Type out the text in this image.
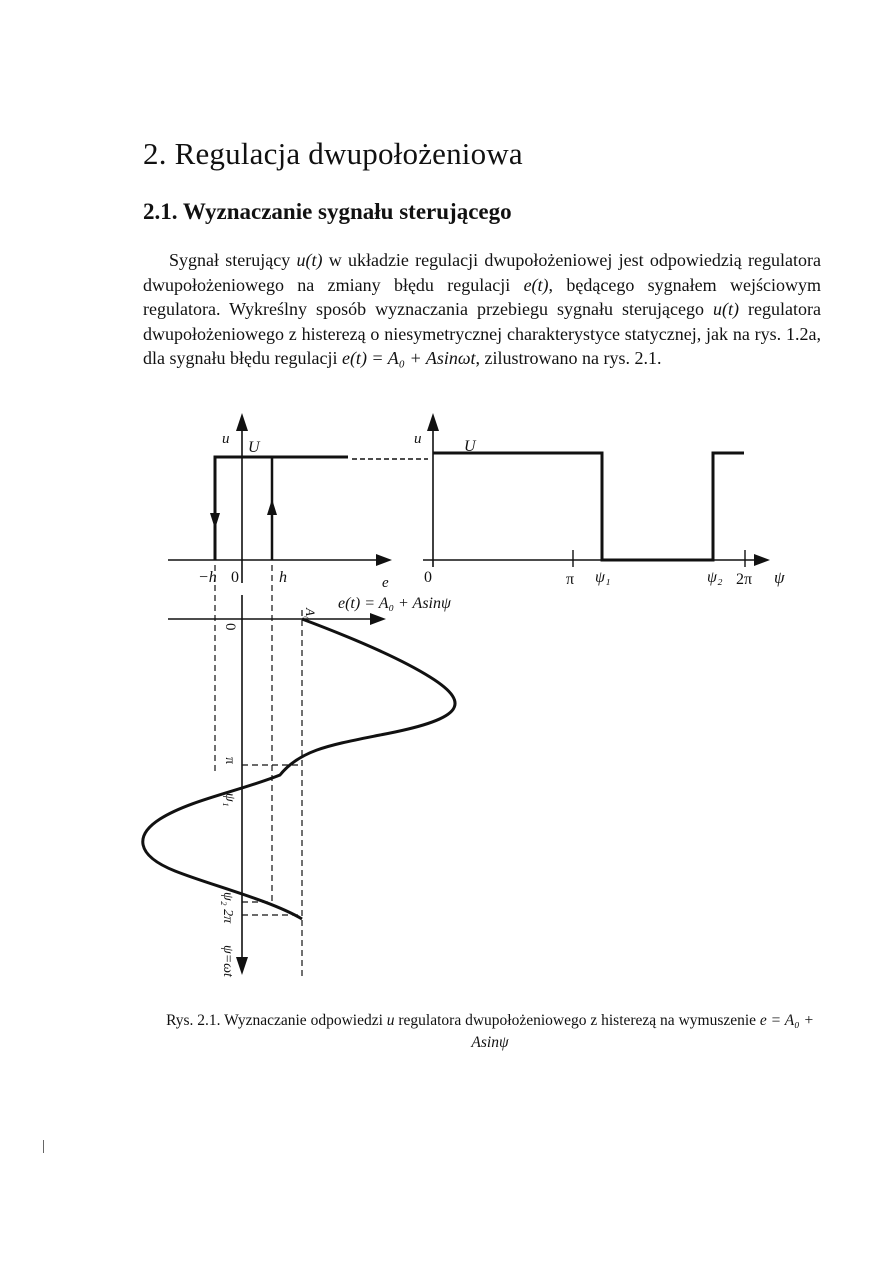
2. Regulacja dwupołożeniowa
2.1. Wyznaczanie sygnału sterującego

Sygnał sterujący u(t) w układzie regulacji dwupołożeniowej jest odpowiedzią regulatora dwupołożeniowego na zmiany błędu regulacji e(t), będącego sygnałem wejściowym regulatora. Wykreślny sposób wyznaczania przebiegu sygnału sterującego u(t) regulatora dwupołożeniowego z histerezą o niesymetrycznej charakterystyce statycznej, jak na rys. 1.2a, dla sygnału błędu regulacji e(t) = A₀ + Asinωt, zilustrowano na rys. 2.1.

u U
−h 0	h	e
u	U
0	π ψ₁	ψ₂ 2π ψ
e(t) = A₀ + Asinψ
A₀
0
π
ψ₁
ψ₂ 2π
ψ=ωt

Rys. 2.1. Wyznaczanie odpowiedzi u regulatora dwupołożeniowego z histerezą na wymuszenie e = A₀ + Asinψ
